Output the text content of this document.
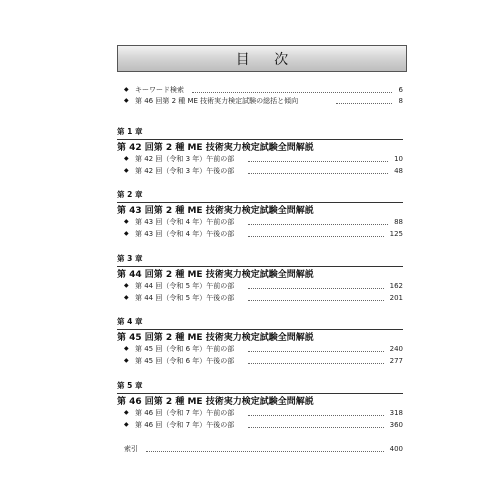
目 次
◆ キーワード検索	6
◆ 第 46 回第 2 種 ME 技術実力検定試験の総括と傾向	8
第 1 章
第 42 回第 2 種 ME 技術実力検定試験全問解説
◆ 第 42 回（令和 3 年）午前の部	10
◆ 第 42 回（令和 3 年）午後の部	48
第 2 章
第 43 回第 2 種 ME 技術実力検定試験全問解説
◆ 第 43 回（令和 4 年）午前の部	88
◆ 第 43 回（令和 4 年）午後の部	125
第 3 章
第 44 回第 2 種 ME 技術実力検定試験全問解説
◆ 第 44 回（令和 5 年）午前の部	162
◆ 第 44 回（令和 5 年）午後の部	201
第 4 章
第 45 回第 2 種 ME 技術実力検定試験全問解説
◆ 第 45 回（令和 6 年）午前の部	240
◆ 第 45 回（令和 6 年）午後の部	277
第 5 章
第 46 回第 2 種 ME 技術実力検定試験全問解説
◆ 第 46 回（令和 7 年）午前の部	318
◆ 第 46 回（令和 7 年）午後の部	360
索引	400
